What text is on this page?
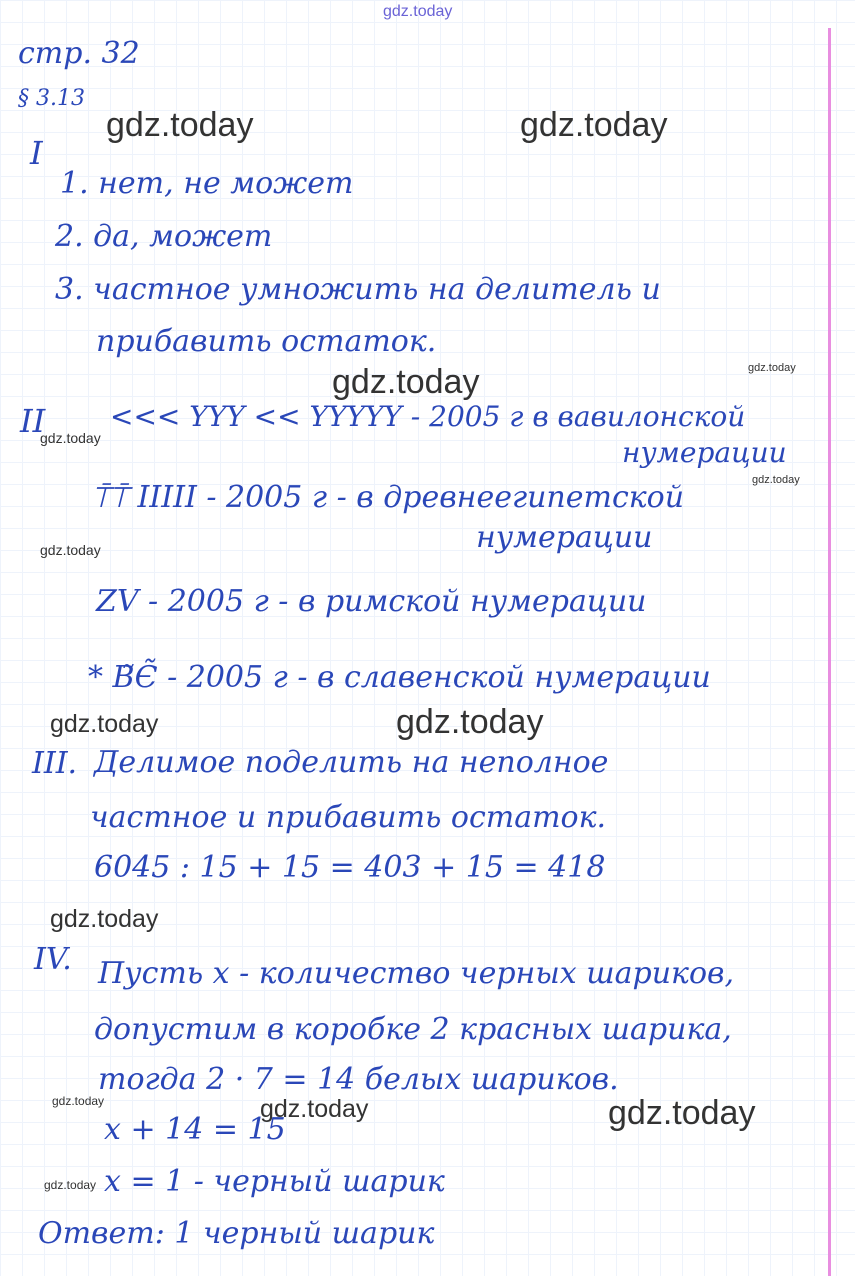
gdz.today
стр. 32
§ 3.13
gdz.today	gdz.today
I
1. нет, не может
2. да, может
3. частное умножить на делитель и
прибавить остаток.
gdz.today
gdz.today
II
gdz.today
<<< YYY << YYYYY - 2005 г в вавилонской
нумерации
gdz.today
⍑⍑ IIIII - 2005 г - в древнеегипетской
нумерации
gdz.today
ZV - 2005 г - в римской нумерации
* В̃Є̃ - 2005 г - в славенской нумерации
gdz.today	gdz.today
III. Делимое поделить на неполное
частное и прибавить остаток.
6045 : 15 + 15 = 403 + 15 = 418
gdz.today
IV. Пусть х - количество черных шариков,
допустим в коробке 2 красных шарика,
тогда 2 · 7 = 14 белых шариков.
gdz.today	gdz.today	gdz.today
х + 14 = 15
gdz.today х = 1 - черный шарик
Ответ: 1 черный шарик
